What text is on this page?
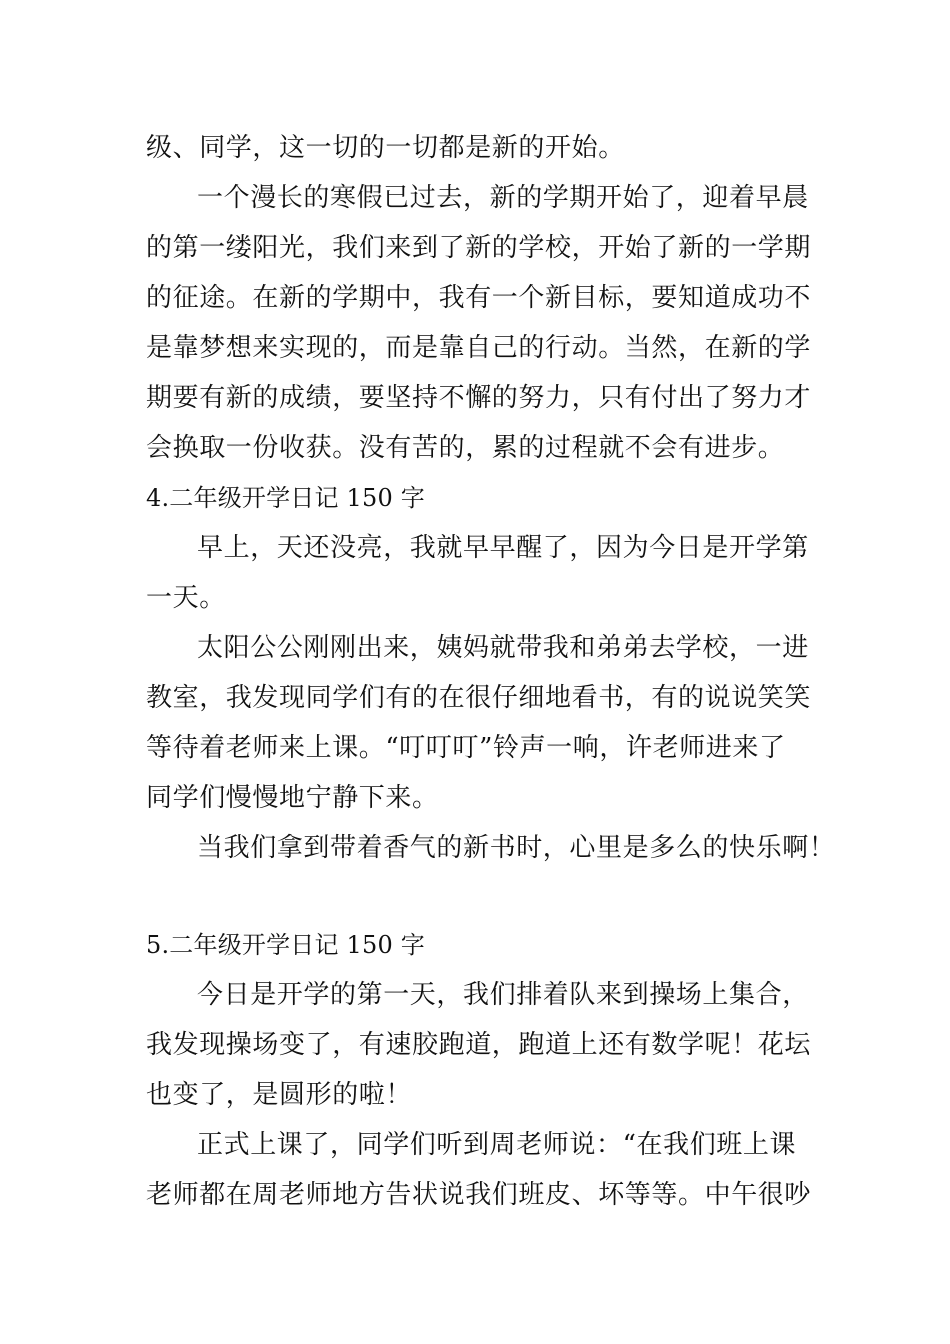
级、同学，这一切的一切都是新的开始。
一个漫长的寒假已过去，新的学期开始了，迎着早晨
的第一缕阳光，我们来到了新的学校，开始了新的一学期
的征途。在新的学期中，我有一个新目标，要知道成功不
是靠梦想来实现的，而是靠自己的行动。当然，在新的学
期要有新的成绩，要坚持不懈的努力，只有付出了努力才
会换取一份收获。没有苦的，累的过程就不会有进步。
4.二年级开学日记 150 字
早上，天还没亮，我就早早醒了，因为今日是开学第
一天。
太阳公公刚刚出来，姨妈就带我和弟弟去学校，一进
教室，我发现同学们有的在很仔细地看书，有的说说笑笑
等待着老师来上课。“叮叮叮”铃声一响，许老师进来了
同学们慢慢地宁静下来。
当我们拿到带着香气的新书时，心里是多么的快乐啊！
5.二年级开学日记 150 字
今日是开学的第一天，我们排着队来到操场上集合，
我发现操场变了，有速胶跑道，跑道上还有数学呢！花坛
也变了，是圆形的啦！
正式上课了，同学们听到周老师说：“在我们班上课
老师都在周老师地方告状说我们班皮、坏等等。中午很吵
